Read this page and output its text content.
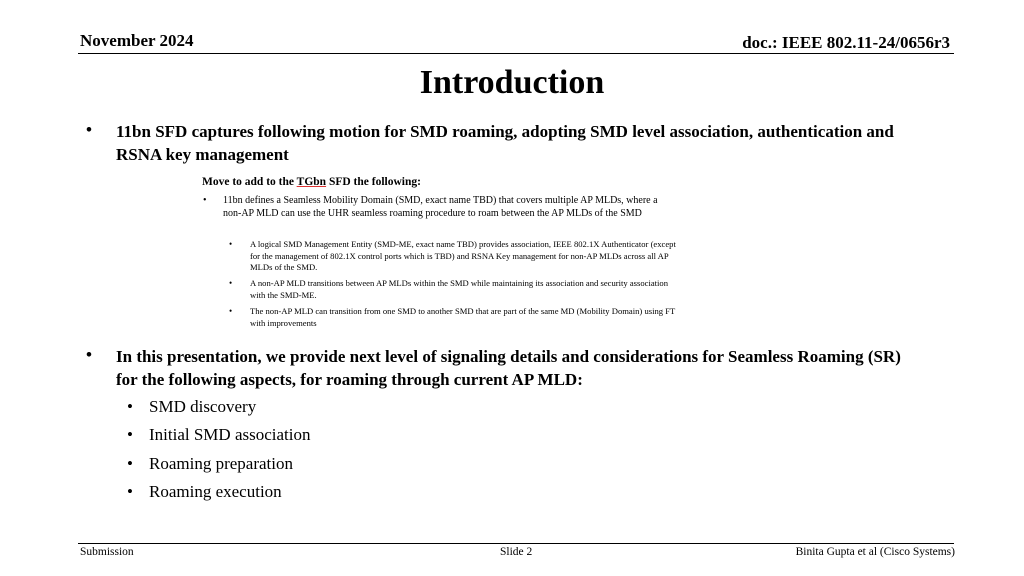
November 2024	doc.: IEEE 802.11-24/0656r3
Introduction
• 11bn SFD captures following motion for SMD roaming, adopting SMD level association, authentication and RSNA key management
Move to add to the TGbn SFD the following:
• 11bn defines a Seamless Mobility Domain (SMD, exact name TBD) that covers multiple AP MLDs, where a non-AP MLD can use the UHR seamless roaming procedure to roam between the AP MLDs of the SMD
• A logical SMD Management Entity (SMD-ME, exact name TBD) provides association, IEEE 802.1X Authenticator (except for the management of 802.1X control ports which is TBD) and RSNA Key management for non-AP MLDs across all AP MLDs of the SMD.
• A non-AP MLD transitions between AP MLDs within the SMD while maintaining its association and security association with the SMD-ME.
• The non-AP MLD can transition from one SMD to another SMD that are part of the same MD (Mobility Domain) using FT with improvements
• In this presentation, we provide next level of signaling details and considerations for Seamless Roaming (SR) for the following aspects, for roaming through current AP MLD:
• SMD discovery
• Initial SMD association
• Roaming preparation
• Roaming execution
Submission	Slide 2	Binita Gupta et al (Cisco Systems)
